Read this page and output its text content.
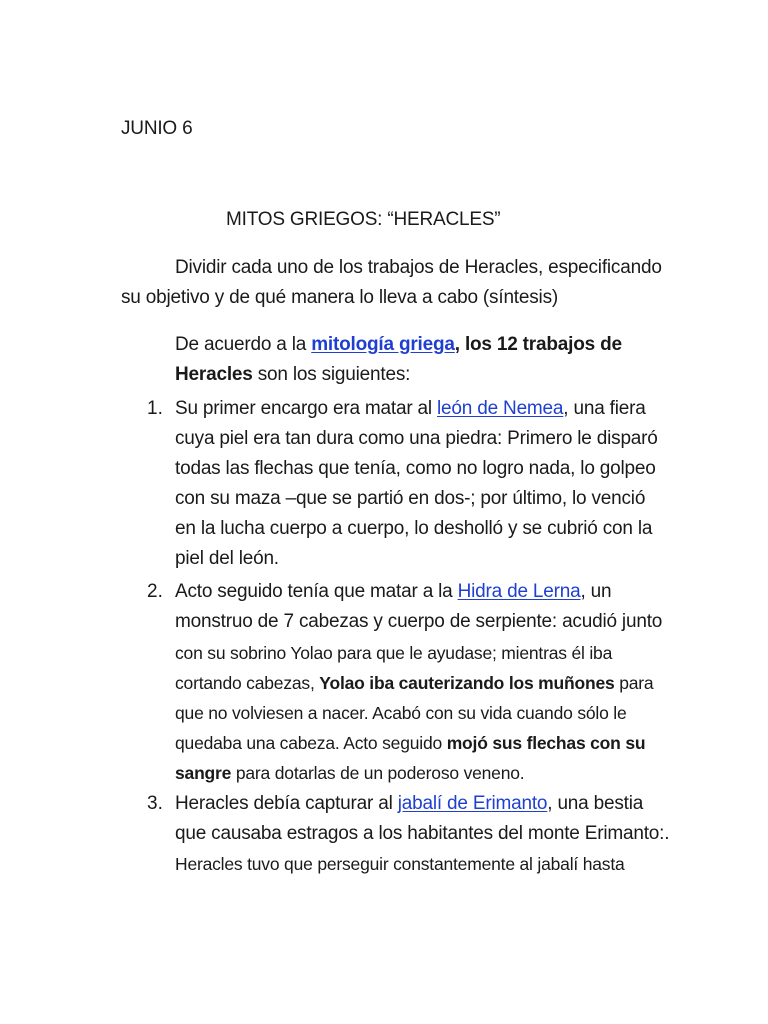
JUNIO 6
MITOS GRIEGOS: “HERACLES”
Dividir cada uno de los trabajos de Heracles, especificando
su objetivo y de qué manera lo lleva a cabo (síntesis)
De acuerdo a la mitología griega, los 12 trabajos de
Heracles son los siguientes:
1. Su primer encargo era matar al león de Nemea, una fiera
cuya piel era tan dura como una piedra: Primero le disparó
todas las flechas que tenía, como no logro nada, lo golpeo
con su maza –que se partió en dos-; por último, lo venció
en la lucha cuerpo a cuerpo, lo desholló y se cubrió con la
piel del león.
2. Acto seguido tenía que matar a la Hidra de Lerna, un
monstruo de 7 cabezas y cuerpo de serpiente: acudió junto
con su sobrino Yolao para que le ayudase; mientras él iba
cortando cabezas, Yolao iba cauterizando los muñones para
que no volviesen a nacer. Acabó con su vida cuando sólo le
quedaba una cabeza. Acto seguido mojó sus flechas con su
sangre para dotarlas de un poderoso veneno.
3. Heracles debía capturar al jabalí de Erimanto, una bestia
que causaba estragos a los habitantes del monte Erimanto:.
Heracles tuvo que perseguir constantemente al jabalí hasta
